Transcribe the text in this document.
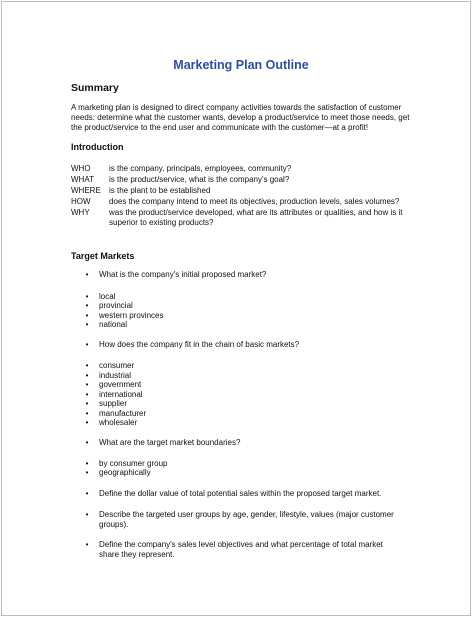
Marketing Plan Outline
Summary
A marketing plan is designed to direct company activities towards the satisfaction of customer needs: determine what the customer wants, develop a product/service to meet those needs, get the product/service to the end user and communicate with the customer—at a profit!
Introduction
WHO	is the company, principals, employees, community?
WHAT	is the product/service, what is the company's goal?
WHERE	is the plant to be established
HOW	does the company intend to meet its objectives, production levels, sales volumes?
WHY	was the product/service developed, what are its attributes or qualities, and how is it superior to existing products?
Target Markets
• What is the company's initial proposed market?
• local
• provincial
• western provinces
• national
• How does the company fit in the chain of basic markets?
• consumer
• industrial
• government
• international
• supplier
• manufacturer
• wholesaler
• What are the target market boundaries?
• by consumer group
• geographically
• Define the dollar value of total potential sales within the proposed target market.
• Describe the targeted user groups by age, gender, lifestyle, values (major customer groups).
• Define the company's sales level objectives and what percentage of total market share they represent.
